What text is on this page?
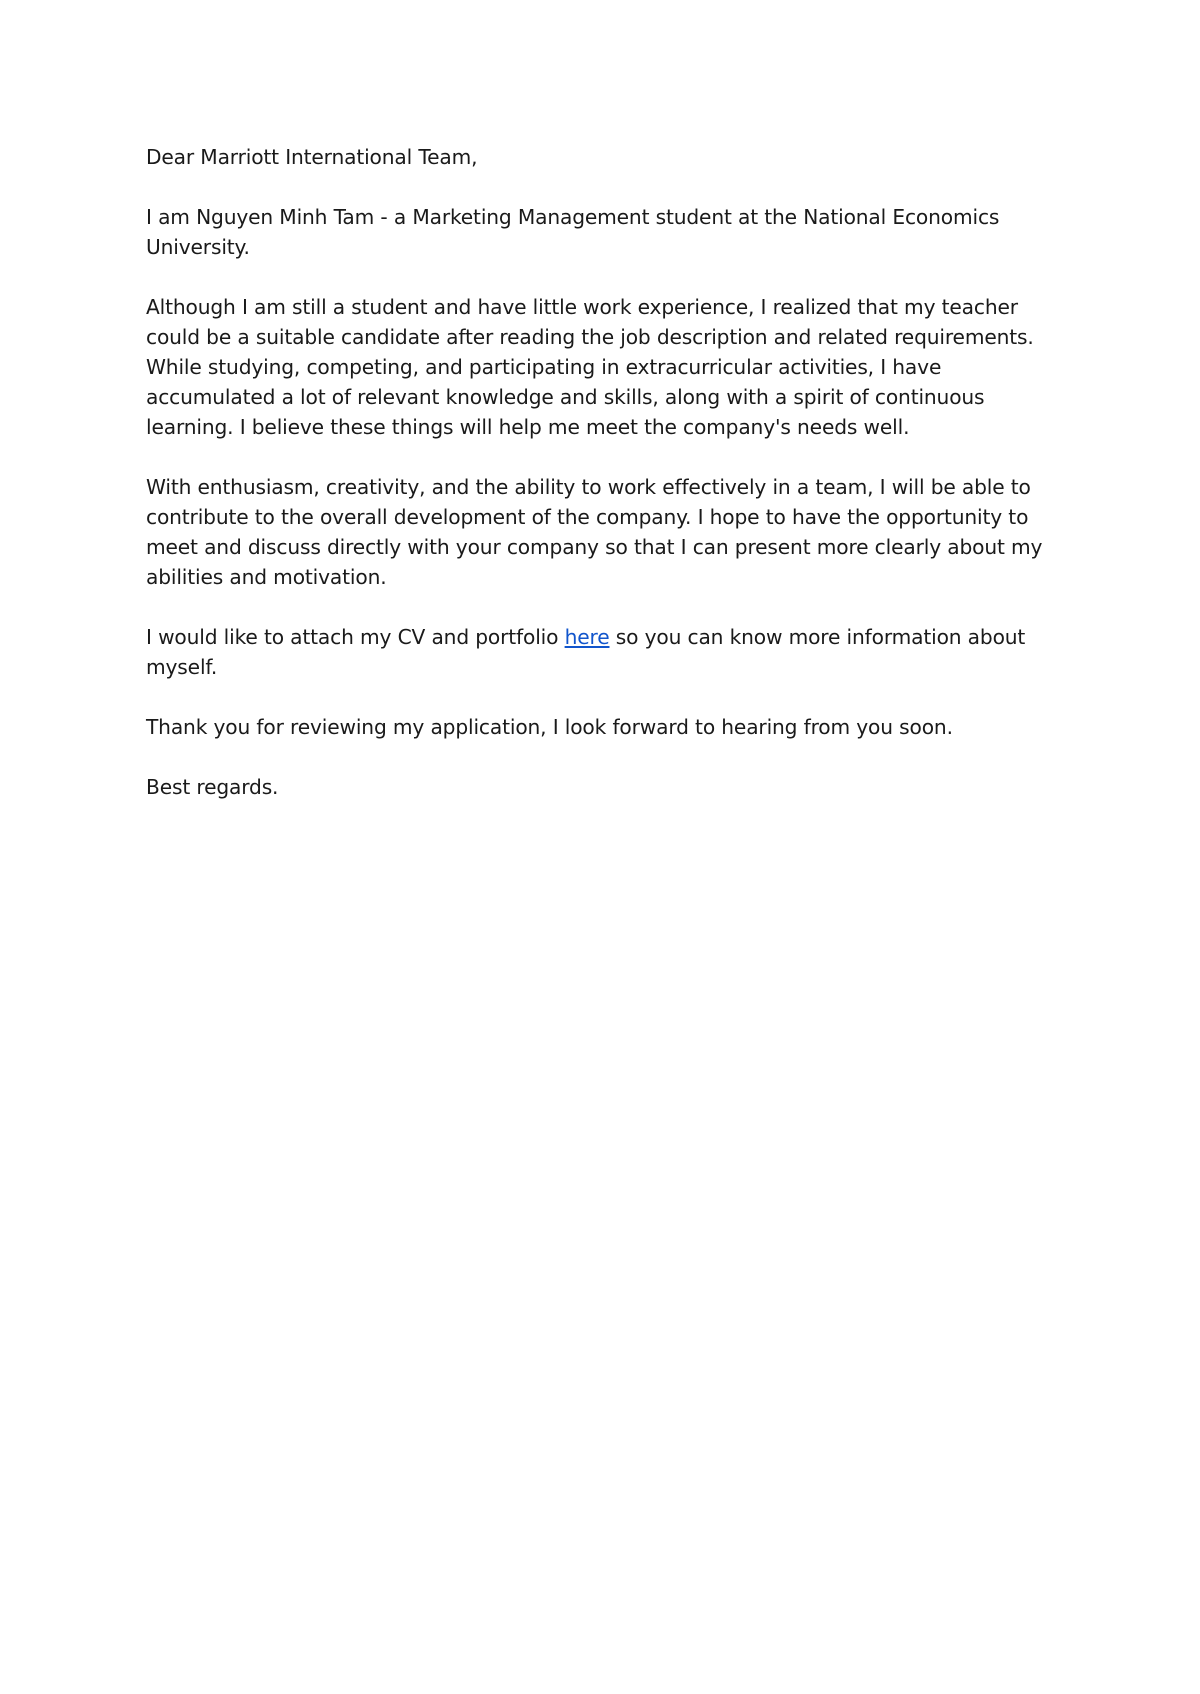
Dear Marriott International Team,

I am Nguyen Minh Tam - a Marketing Management student at the National Economics University.

Although I am still a student and have little work experience, I realized that my teacher could be a suitable candidate after reading the job description and related requirements. While studying, competing, and participating in extracurricular activities, I have accumulated a lot of relevant knowledge and skills, along with a spirit of continuous learning. I believe these things will help me meet the company's needs well.

With enthusiasm, creativity, and the ability to work effectively in a team, I will be able to contribute to the overall development of the company. I hope to have the opportunity to meet and discuss directly with your company so that I can present more clearly about my abilities and motivation.

I would like to attach my CV and portfolio here so you can know more information about myself.

Thank you for reviewing my application, I look forward to hearing from you soon.

Best regards.
